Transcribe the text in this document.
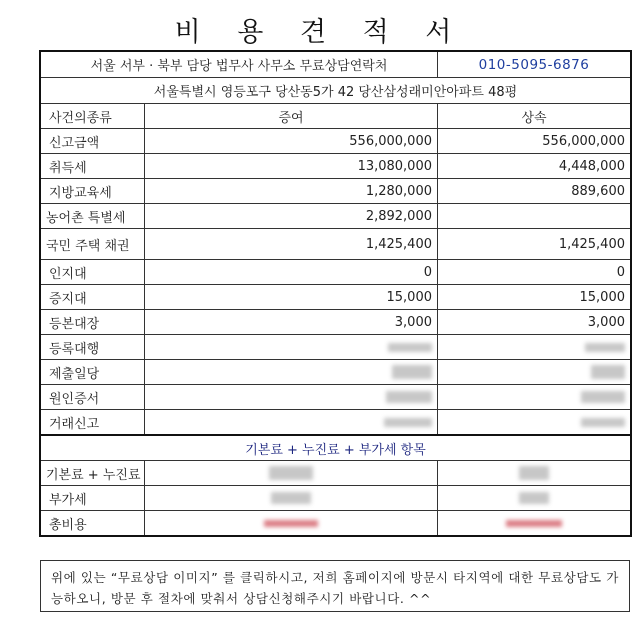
비 용 견 적 서
서울 서부 · 북부 담당 법무사 사무소 무료상담연락처		010-5095-6876
서울특별시 영등포구 당산동5가 42 당산삼성래미안아파트 48평		
사건의종류	증여	상속
신고금액	556,000,000	556,000,000
취득세	13,080,000	4,448,000
지방교육세	1,280,000	889,600
농어촌 특별세	2,892,000	
국민 주택 채권	1,425,400	1,425,400
인지대	0	0
증지대	15,000	15,000
등본대장	3,000	3,000
등록대행		
제출일당		
원인증서		
거래신고		
기본료 + 누진료 + 부가세 항목		
기본료 + 누진료		
부가세		
총비용		
위에 있는 “무료상담 이미지” 를 클릭하시고, 저희 홈페이지에 방문시 타지역에 대한 무료상담도 가능하오니, 방문 후 절차에 맞춰서 상담신청해주시기 바랍니다. ^^
